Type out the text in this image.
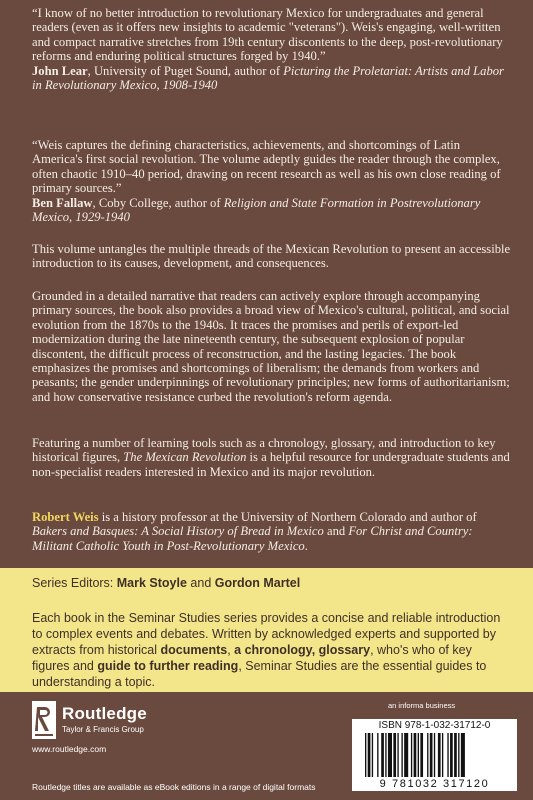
“I know of no better introduction to revolutionary Mexico for undergraduates and general readers (even as it offers new insights to academic "veterans"). Weis's engaging, well-written and compact narrative stretches from 19th century discontents to the deep, post-revolutionary reforms and enduring political structures forged by 1940.”
John Lear, University of Puget Sound, author of Picturing the Proletariat: Artists and Labor in Revolutionary Mexico, 1908-1940

“Weis captures the defining characteristics, achievements, and shortcomings of Latin America's first social revolution. The volume adeptly guides the reader through the complex, often chaotic 1910–40 period, drawing on recent research as well as his own close reading of primary sources.”
Ben Fallaw, Coby College, author of Religion and State Formation in Postrevolutionary Mexico, 1929-1940

This volume untangles the multiple threads of the Mexican Revolution to present an accessible introduction to its causes, development, and consequences.

Grounded in a detailed narrative that readers can actively explore through accompanying primary sources, the book also provides a broad view of Mexico's cultural, political, and social evolution from the 1870s to the 1940s. It traces the promises and perils of export-led modernization during the late nineteenth century, the subsequent explosion of popular discontent, the difficult process of reconstruction, and the lasting legacies. The book emphasizes the promises and shortcomings of liberalism; the demands from workers and peasants; the gender underpinnings of revolutionary principles; new forms of authoritarianism; and how conservative resistance curbed the revolution's reform agenda.

Featuring a number of learning tools such as a chronology, glossary, and introduction to key historical figures, The Mexican Revolution is a helpful resource for undergraduate students and non-specialist readers interested in Mexico and its major revolution.

Robert Weis is a history professor at the University of Northern Colorado and author of Bakers and Basques: A Social History of Bread in Mexico and For Christ and Country: Militant Catholic Youth in Post-Revolutionary Mexico.

Series Editors: Mark Stoyle and Gordon Martel
Each book in the Seminar Studies series provides a concise and reliable introduction to complex events and debates. Written by acknowledged experts and supported by extracts from historical documents, a chronology, glossary, who's who of key figures and guide to further reading, Seminar Studies are the essential guides to understanding a topic.
Routledge
Taylor & Francis Group
www.routledge.com
an informa business
ISBN 978-1-032-31712-0
9 781032 317120
Routledge titles are available as eBook editions in a range of digital formats
